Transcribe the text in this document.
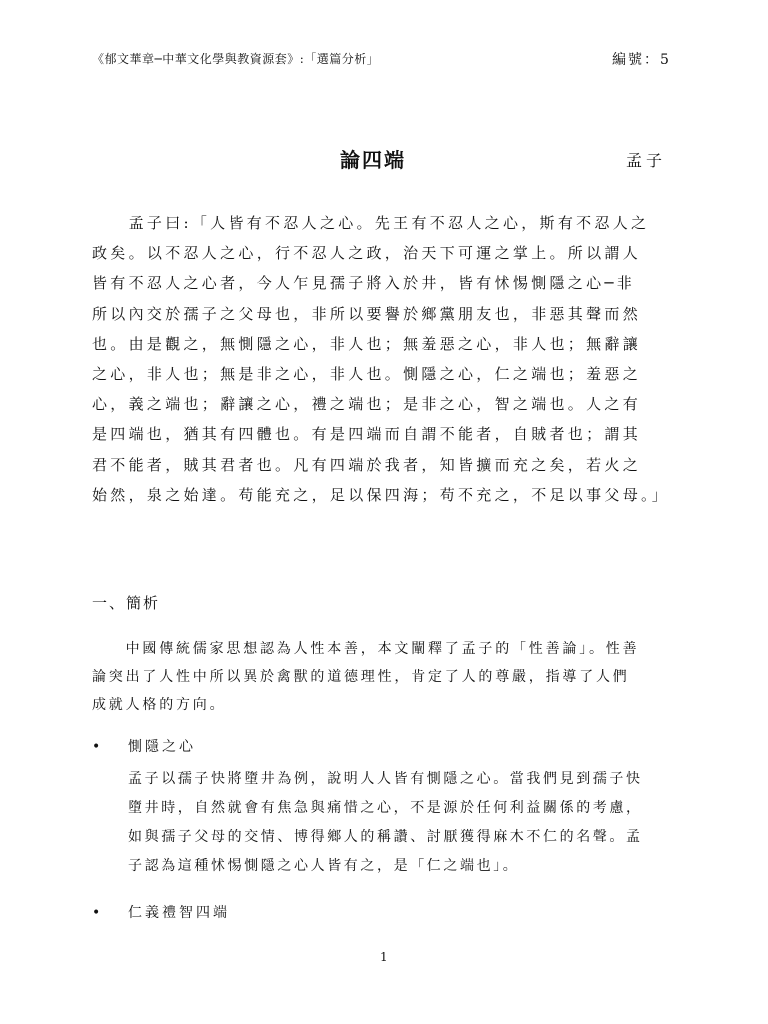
《郁文華章─中華文化學與教資源套》:「選篇分析」	編號：5
論四端	孟子
　　孟子曰:「人皆有不忍人之心。先王有不忍人之心，斯有不忍人之
政矣。以不忍人之心，行不忍人之政，治天下可運之掌上。所以謂人
皆有不忍人之心者，今人乍見孺子將入於井，皆有怵惕惻隱之心─非
所以內交於孺子之父母也，非所以要譽於鄉黨朋友也，非惡其聲而然
也。由是觀之，無惻隱之心，非人也；無羞惡之心，非人也；無辭讓
之心，非人也；無是非之心，非人也。惻隱之心，仁之端也；羞惡之
心，義之端也；辭讓之心，禮之端也；是非之心，智之端也。人之有
是四端也，猶其有四體也。有是四端而自謂不能者，自賊者也；謂其
君不能者，賊其君者也。凡有四端於我者，知皆擴而充之矣，若火之
始然，泉之始達。苟能充之，足以保四海；苟不充之，不足以事父母。」
一、簡析
　　中國傳統儒家思想認為人性本善，本文闡釋了孟子的「性善論」。性善
論突出了人性中所以異於禽獸的道德理性，肯定了人的尊嚴，指導了人們
成就人格的方向。
• 惻隱之心
孟子以孺子快將墮井為例，說明人人皆有惻隱之心。當我們見到孺子快
墮井時，自然就會有焦急與痛惜之心，不是源於任何利益關係的考慮，
如與孺子父母的交情、博得鄉人的稱讚、討厭獲得麻木不仁的名聲。孟
子認為這種怵惕惻隱之心人皆有之，是「仁之端也」。
• 仁義禮智四端
1
